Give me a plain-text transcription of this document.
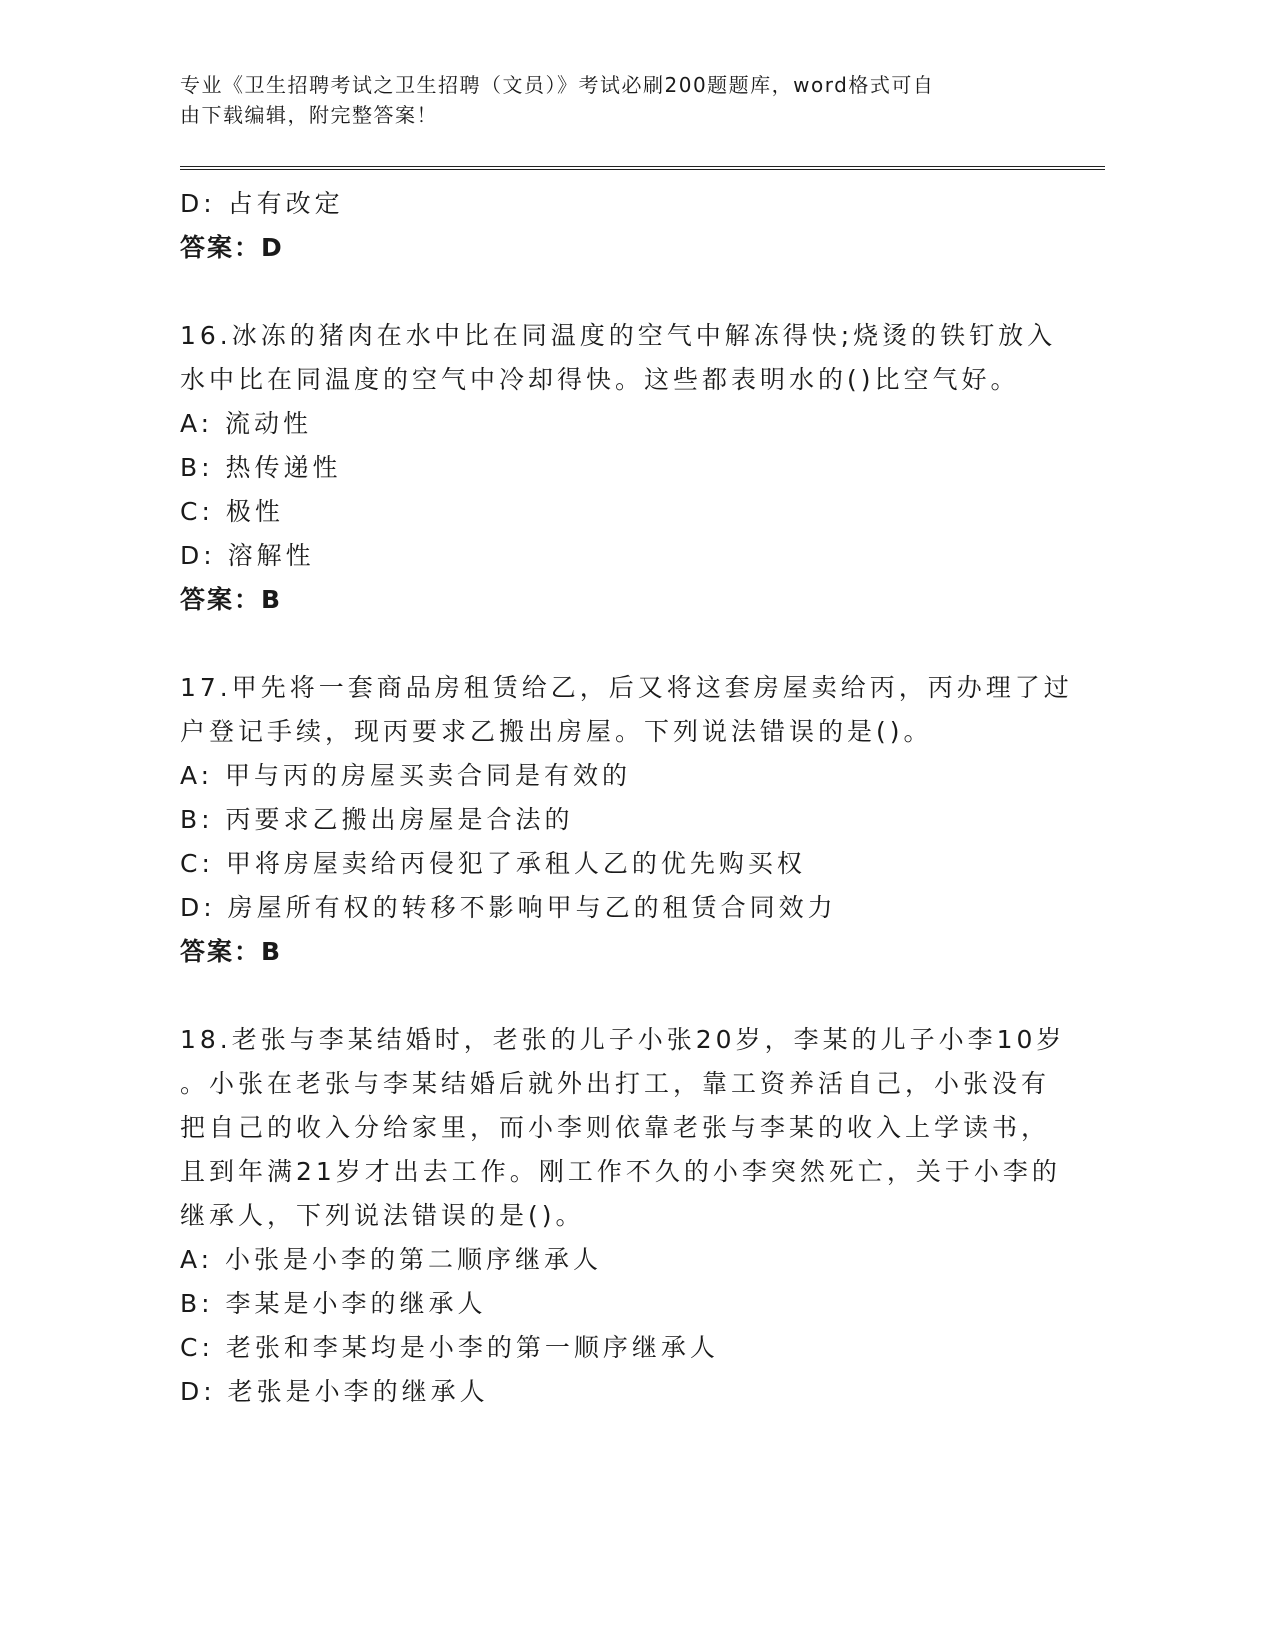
专业《卫生招聘考试之卫生招聘（文员）》考试必刷200题题库，word格式可自
由下载编辑，附完整答案！
D: 占有改定
答案：D
16.冰冻的猪肉在水中比在同温度的空气中解冻得快;烧烫的铁钉放入
水中比在同温度的空气中冷却得快。这些都表明水的()比空气好。
A: 流动性
B: 热传递性
C: 极性
D: 溶解性
答案：B
17.甲先将一套商品房租赁给乙，后又将这套房屋卖给丙，丙办理了过
户登记手续，现丙要求乙搬出房屋。下列说法错误的是()。
A: 甲与丙的房屋买卖合同是有效的
B: 丙要求乙搬出房屋是合法的
C: 甲将房屋卖给丙侵犯了承租人乙的优先购买权
D: 房屋所有权的转移不影响甲与乙的租赁合同效力
答案：B
18.老张与李某结婚时，老张的儿子小张20岁，李某的儿子小李10岁
。小张在老张与李某结婚后就外出打工，靠工资养活自己，小张没有
把自己的收入分给家里，而小李则依靠老张与李某的收入上学读书，
且到年满21岁才出去工作。刚工作不久的小李突然死亡，关于小李的
继承人，下列说法错误的是()。
A: 小张是小李的第二顺序继承人
B: 李某是小李的继承人
C: 老张和李某均是小李的第一顺序继承人
D: 老张是小李的继承人
